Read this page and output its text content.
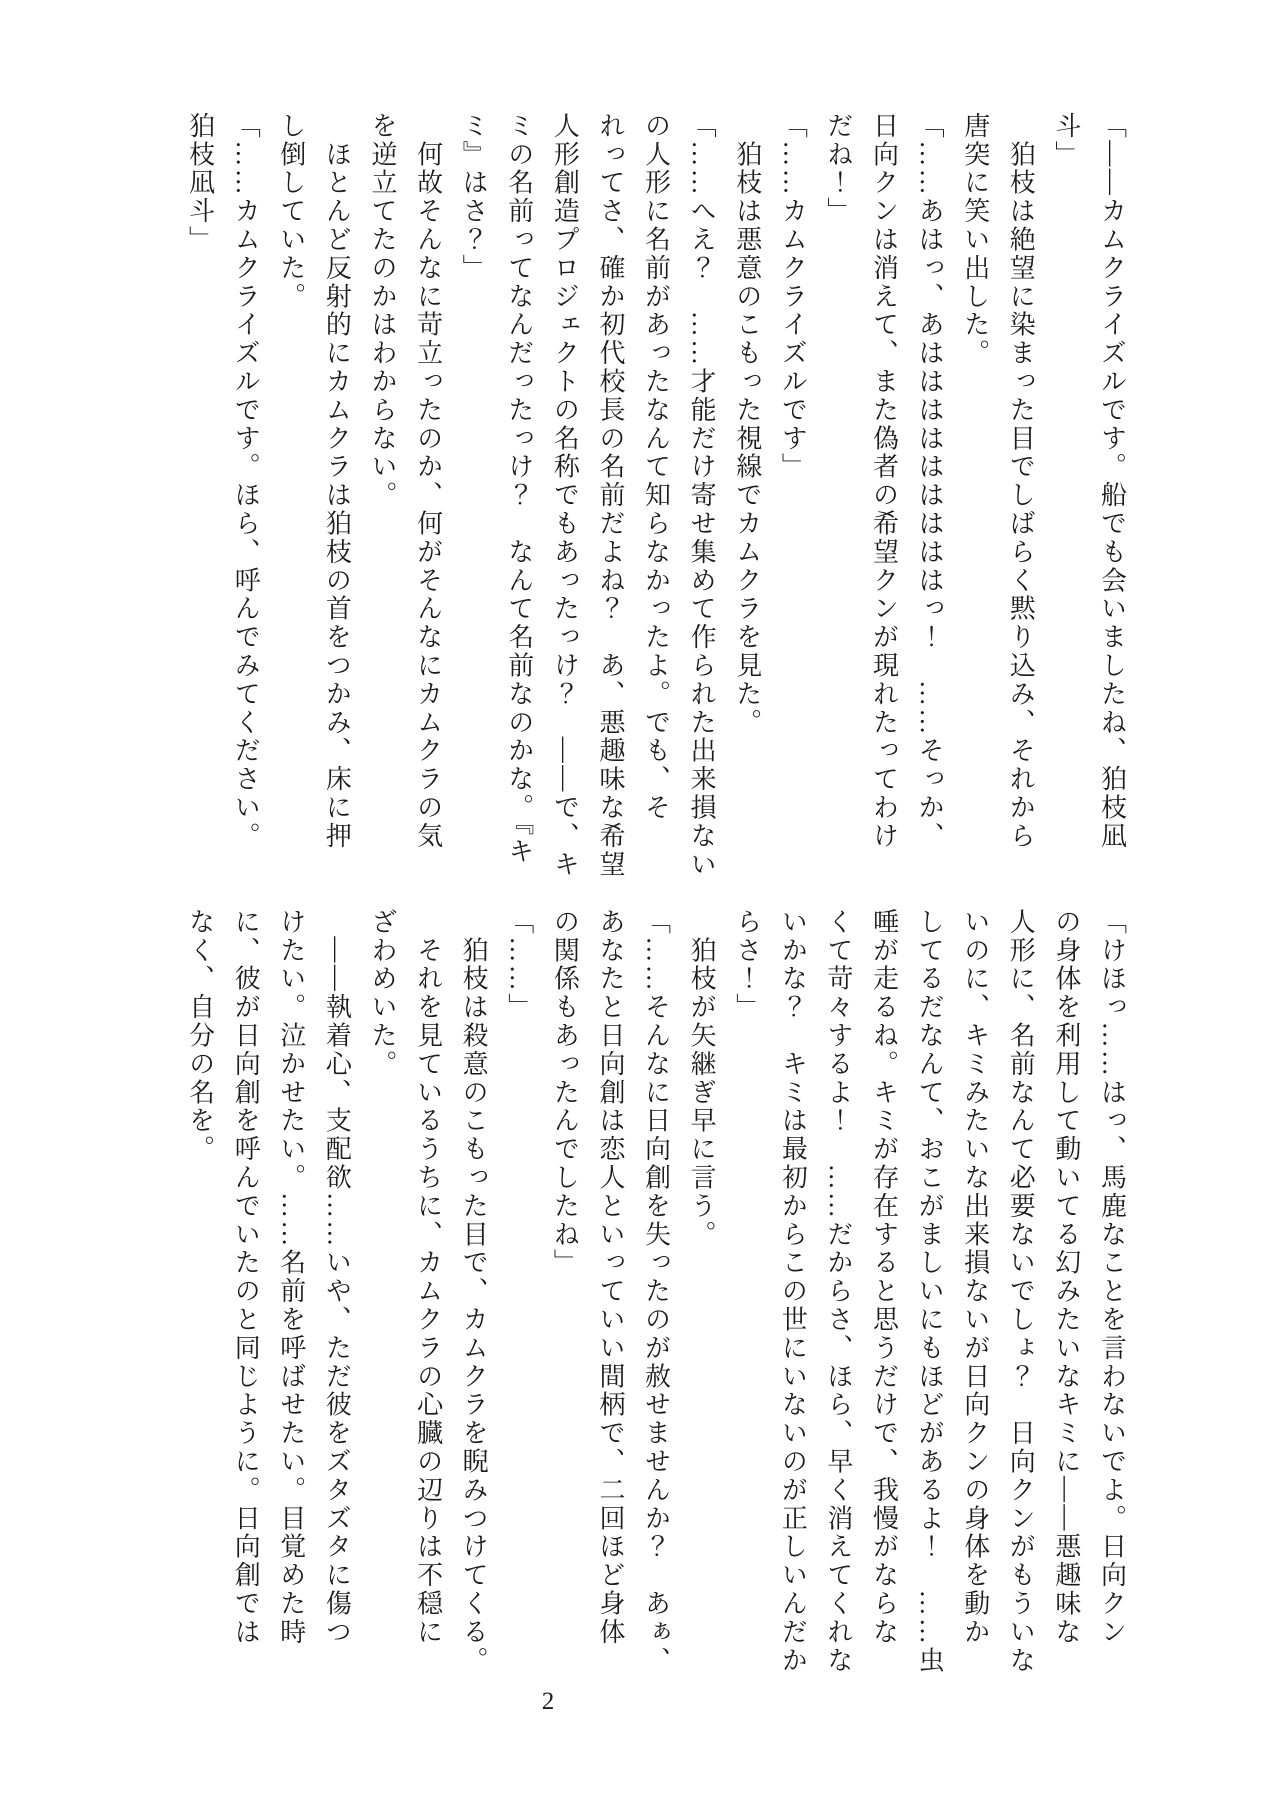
「——カムクライズルです。船でも会いましたね、狛枝凪
斗」
　狛枝は絶望に染まった目でしばらく黙り込み、それから
唐突に笑い出した。
「……あはっ、あはははははははははっ！　……そっか、
日向クンは消えて、また偽者の希望クンが現れたってわけ
だね！」
「……カムクライズルです」
　狛枝は悪意のこもった視線でカムクラを見た。
「……へえ？　……才能だけ寄せ集めて作られた出来損ない
の人形に名前があったなんて知らなかったよ。でも、そ
れってさ、確か初代校長の名前だよね？　あ、悪趣味な希望
人形創造プロジェクトの名称でもあったっけ？　——で、キ
ミの名前ってなんだったっけ？　なんて名前なのかな。『キ
ミ』はさ？」
　何故そんなに苛立ったのか、何がそんなにカムクラの気
を逆立てたのかはわからない。
　ほとんど反射的にカムクラは狛枝の首をつかみ、床に押
し倒していた。
「……カムクライズルです。ほら、呼んでみてください。
狛枝凪斗」
「けほっ……はっ、馬鹿なことを言わないでよ。日向クン
の身体を利用して動いてる幻みたいなキミに——悪趣味な
人形に、名前なんて必要ないでしょ？　日向クンがもういな
いのに、キミみたいな出来損ないが日向クンの身体を動か
してるだなんて、おこがましいにもほどがあるよ！　……虫
唾が走るね。キミが存在すると思うだけで、我慢がならな
くて苛々するよ！　……だからさ、ほら、早く消えてくれな
いかな？　キミは最初からこの世にいないのが正しいんだか
らさ！」
　狛枝が矢継ぎ早に言う。
「……そんなに日向創を失ったのが赦せませんか？　あぁ、
あなたと日向創は恋人といっていい間柄で、二回ほど身体
の関係もあったんでしたね」
「……」
　狛枝は殺意のこもった目で、カムクラを睨みつけてくる。
　それを見ているうちに、カムクラの心臓の辺りは不穏に
ざわめいた。
　——執着心、支配欲……いや、ただ彼をズタズタに傷つ
けたい。泣かせたい。……名前を呼ばせたい。目覚めた時
に、彼が日向創を呼んでいたのと同じように。日向創では
なく、自分の名を。
2
